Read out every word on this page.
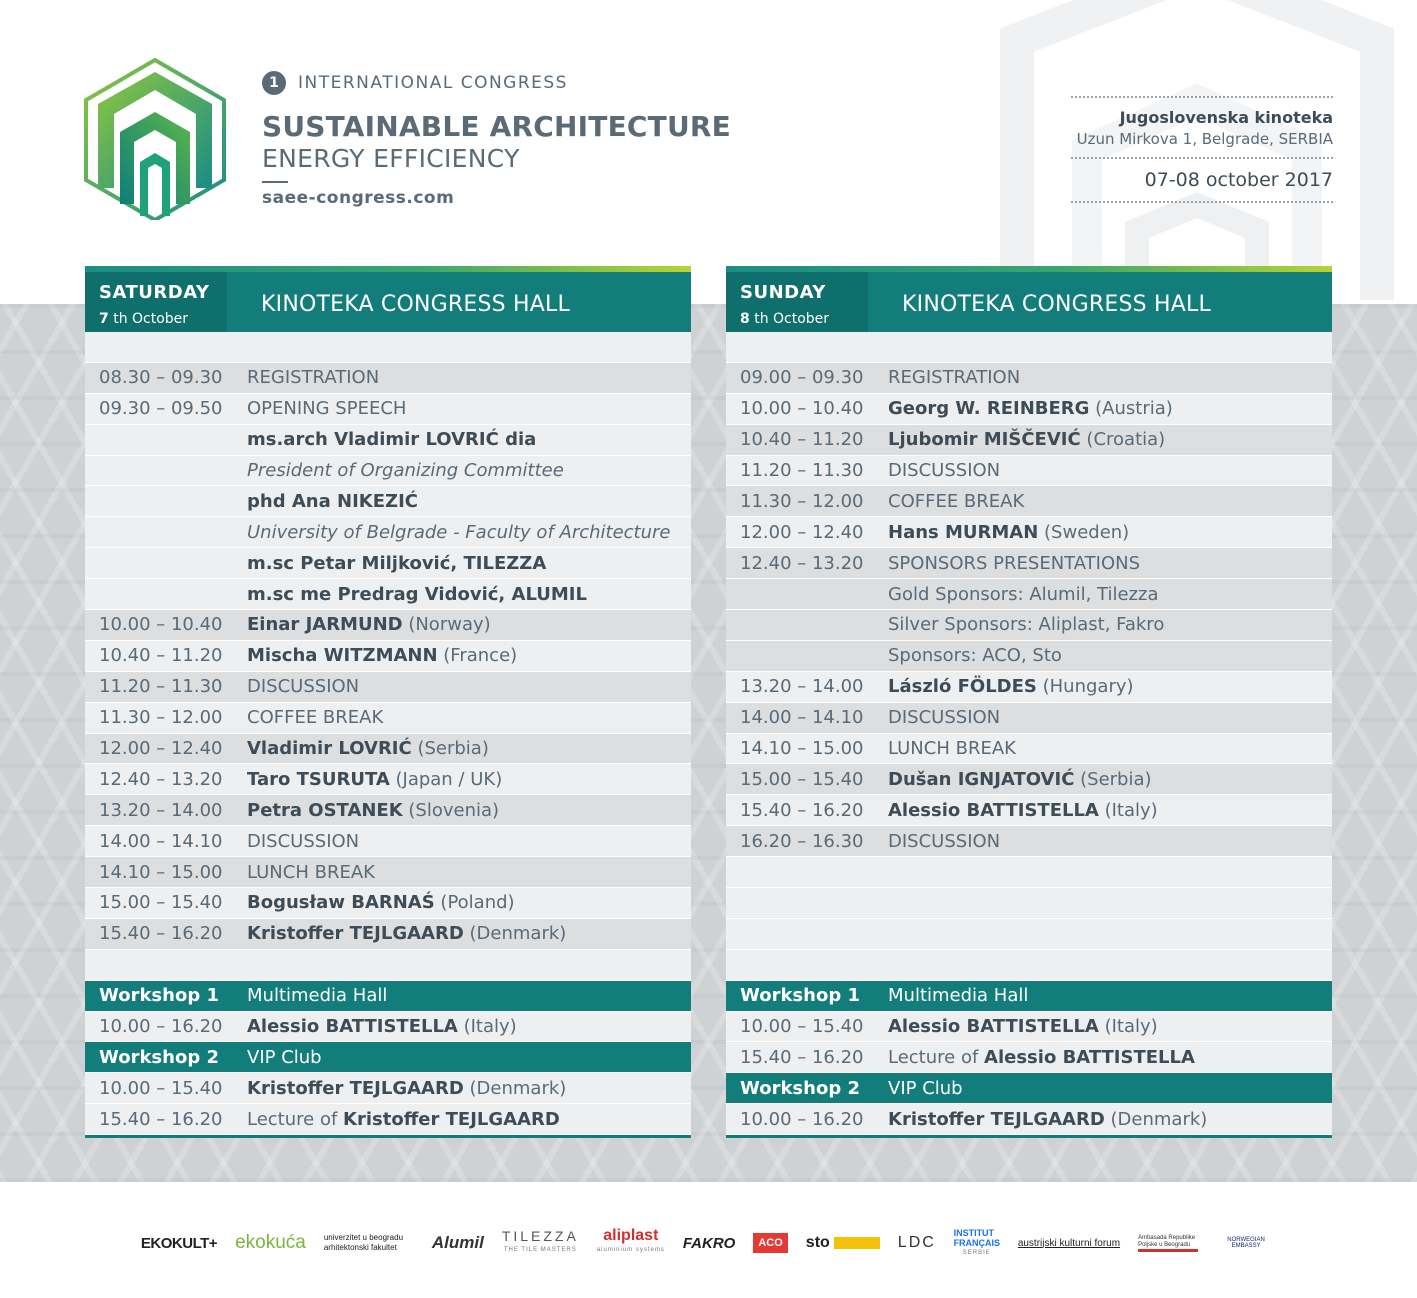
1	INTERNATIONAL CONGRESS
SUSTAINABLE ARCHITECTURE
ENERGY EFFICIENCY
saee-congress.com
Jugoslovenska kinoteka
Uzun Mirkova 1, Belgrade, SERBIA
07-08 october 2017
SATURDAY
7 th October
KINOTEKA CONGRESS HALL
08.30 – 09.30	REGISTRATION
09.30 – 09.50	OPENING SPEECH
ms.arch Vladimir LOVRIĆ dia
President of Organizing Committee
phd Ana NIKEZIĆ
University of Belgrade - Faculty of Architecture
m.sc Petar Miljković, TILEZZA
m.sc me Predrag Vidović, ALUMIL
10.00 – 10.40	Einar JARMUND (Norway)
10.40 – 11.20	Mischa WITZMANN (France)
11.20 – 11.30	DISCUSSION
11.30 – 12.00	COFFEE BREAK
12.00 – 12.40	Vladimir LOVRIĆ (Serbia)
12.40 – 13.20	Taro TSURUTA (Japan / UK)
13.20 – 14.00	Petra OSTANEK (Slovenia)
14.00 – 14.10	DISCUSSION
14.10 – 15.00	LUNCH BREAK
15.00 – 15.40	Bogusław BARNAŚ (Poland)
15.40 – 16.20	Kristoffer TEJLGAARD (Denmark)
Workshop 1	Multimedia Hall
10.00 – 16.20	Alessio BATTISTELLA (Italy)
Workshop 2	VIP Club
10.00 – 15.40	Kristoffer TEJLGAARD (Denmark)
15.40 – 16.20	Lecture of Kristoffer TEJLGAARD
SUNDAY
8 th October
KINOTEKA CONGRESS HALL
09.00 – 09.30	REGISTRATION
10.00 – 10.40	Georg W. REINBERG (Austria)
10.40 – 11.20	Ljubomir MIŠČEVIĆ (Croatia)
11.20 – 11.30	DISCUSSION
11.30 – 12.00	COFFEE BREAK
12.00 – 12.40	Hans MURMAN (Sweden)
12.40 – 13.20	SPONSORS PRESENTATIONS
Gold Sponsors: Alumil, Tilezza
Silver Sponsors: Aliplast, Fakro
Sponsors: ACO, Sto
13.20 – 14.00	László FÖLDES (Hungary)
14.00 – 14.10	DISCUSSION
14.10 – 15.00	LUNCH BREAK
15.00 – 15.40	Dušan IGNJATOVIĆ (Serbia)
15.40 – 16.20	Alessio BATTISTELLA (Italy)
16.20 – 16.30	DISCUSSION
Workshop 1	Multimedia Hall
10.00 – 15.40	Alessio BATTISTELLA (Italy)
15.40 – 16.20	Lecture of Alessio BATTISTELLA
Workshop 2	VIP Club
10.00 – 16.20	Kristoffer TEJLGAARD (Denmark)
EKOKULT+ ekokuća univerzitet u beogradu arhitektonski fakultet	Alumil TILEZZA
THE TILE MASTERS
aliplast
aluminium systems FAKRO ACO sto	LDC
INSTITUT FRANÇAIS
SERBIE
austrijski kulturni forum	Ambasada Republike Poljske u Beogradu
NORWEGIAN EMBASSY
